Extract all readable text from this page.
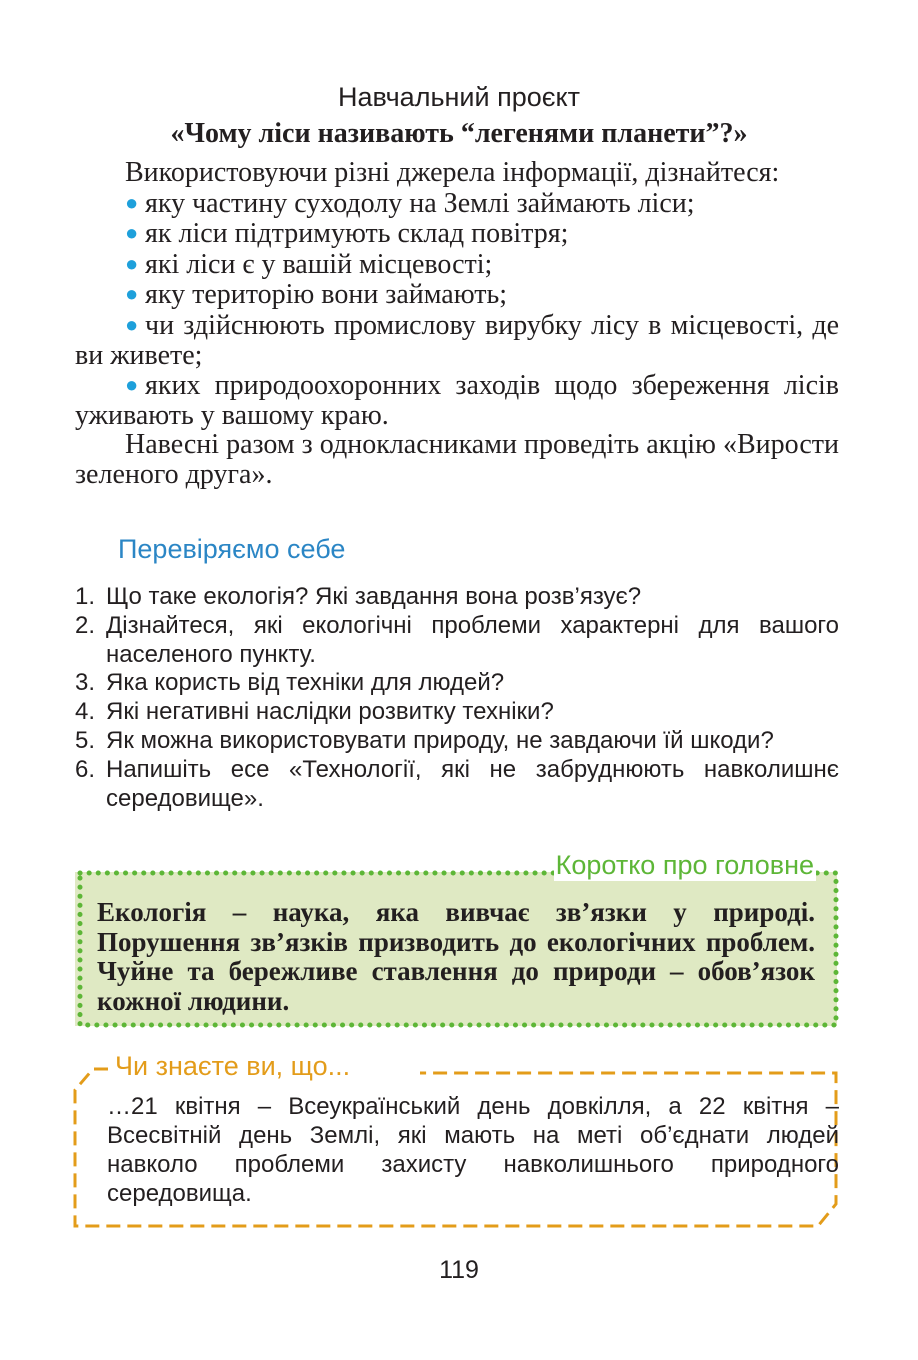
Навчальний проєкт
«Чому ліси називають “легенями планети”?»

Використовуючи різні джерела інформації, дізнайтеся:

● яку частину суходолу на Землі займають ліси;

● як ліси підтримують склад повітря;

● які ліси є у вашій місцевості;

● яку територію вони займають;

● чи здійснюють промислову вирубку лісу в місцевості, де ви живете;

● яких природоохоронних заходів щодо збереження лісів уживають у вашому краю.

Навесні разом з однокласниками проведіть акцію «Вирости зеленого друга».

Перевіряємо себе
1. Що таке екологія? Які завдання вона розв’язує?
2. Дізнайтеся, які екологічні проблеми характерні для вашого населеного пункту.
3. Яка користь від техніки для людей?
4. Які негативні наслідки розвитку техніки?
5. Як можна використовувати природу, не завдаючи їй шкоди?
6. Напишіть есе «Технології, які не забруднюють навколишнє середовище».
Коротко про головне

Екологія – наука, яка вивчає зв’язки у природі. Порушення зв’язків призводить до екологічних проблем. Чуйне та бережливе ставлення до природи – обов’язок кожної людини.

Чи знаєте ви, що...

…21 квітня – Всеукраїнський день довкілля, а 22 квітня – Всесвітній день Землі, які мають на меті об’єднати людей навколо проблеми захисту навколишнього природного середовища.

119
